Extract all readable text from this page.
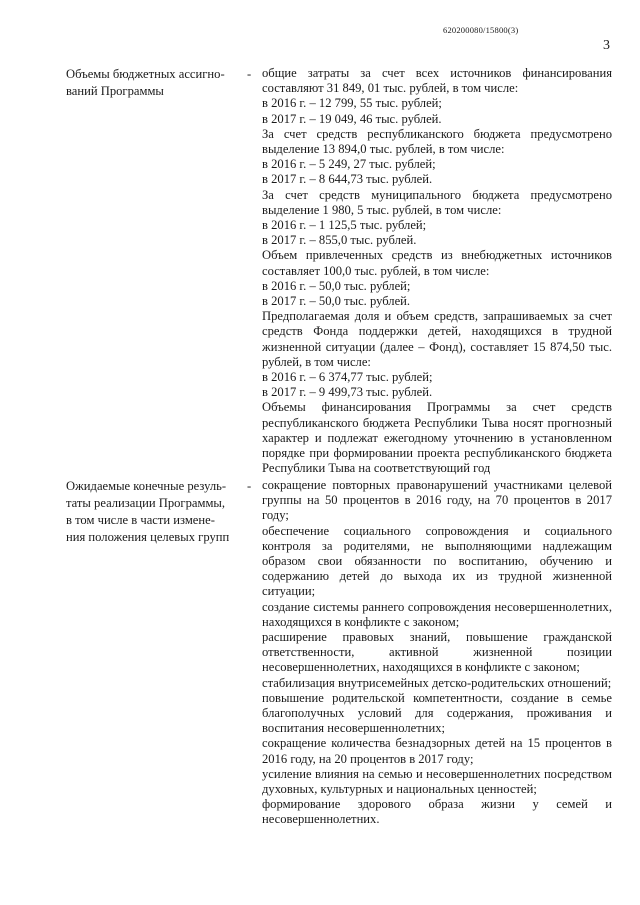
620200080/15800(3)
3
Объемы бюджетных ассигно-
ваний Программы
- общие затраты за счет всех источников финансирования составляют 31 849, 01 тыс. рублей, в том числе:

в 2016 г. – 12 799, 55 тыс. рублей;

в 2017 г. – 19 049, 46 тыс. рублей.

За счет средств республиканского бюджета предусмотрено выделение 13 894,0 тыс. рублей, в том числе:

в 2016 г. – 5 249, 27 тыс. рублей;

в 2017 г. – 8 644,73 тыс. рублей.

За счет средств муниципального бюджета предусмотрено выделение 1 980, 5 тыс. рублей, в том числе:

в 2016 г. – 1 125,5 тыс. рублей;

в 2017 г. – 855,0 тыс. рублей.

Объем привлеченных средств из внебюджетных источников составляет 100,0 тыс. рублей, в том числе:

в 2016 г. – 50,0 тыс. рублей;

в 2017 г. – 50,0 тыс. рублей.

Предполагаемая доля и объем средств, запрашиваемых за счет средств Фонда поддержки детей, находящихся в трудной жизненной ситуации (далее – Фонд), составляет 15 874,50 тыс. рублей, в том числе:

в 2016 г. – 6 374,77 тыс. рублей;

в 2017 г. – 9 499,73 тыс. рублей.

Объемы финансирования Программы за счет средств республиканского бюджета Республики Тыва носят прогнозный характер и подлежат ежегодному уточнению в установленном порядке при формировании проекта республиканского бюджета Республики Тыва на соответствующий год

Ожидаемые конечные резуль-
таты реализации Программы,
в том числе в части измене-
ния положения целевых групп
- сокращение повторных правонарушений участниками целевой группы на 50 процентов в 2016 году, на 70 процентов в 2017 году;

обеспечение социального сопровождения и социального контроля за родителями, не выполняющими надлежащим образом свои обязанности по воспитанию, обучению и содержанию детей до выхода их из трудной жизненной ситуации;

создание системы раннего сопровождения несовершеннолетних, находящихся в конфликте с законом;

расширение правовых знаний, повышение гражданской ответственности, активной жизненной позиции несовершеннолетних, находящихся в конфликте с законом;

стабилизация внутрисемейных детско-родительских отношений;

повышение родительской компетентности, создание в семье благополучных условий для содержания, проживания и воспитания несовершеннолетних;

сокращение количества безнадзорных детей на 15 процентов в 2016 году, на 20 процентов в 2017 году;

усиление влияния на семью и несовершеннолетних посредством духовных, культурных и национальных ценностей;

формирование здорового образа жизни у семей и несовершеннолетних.
